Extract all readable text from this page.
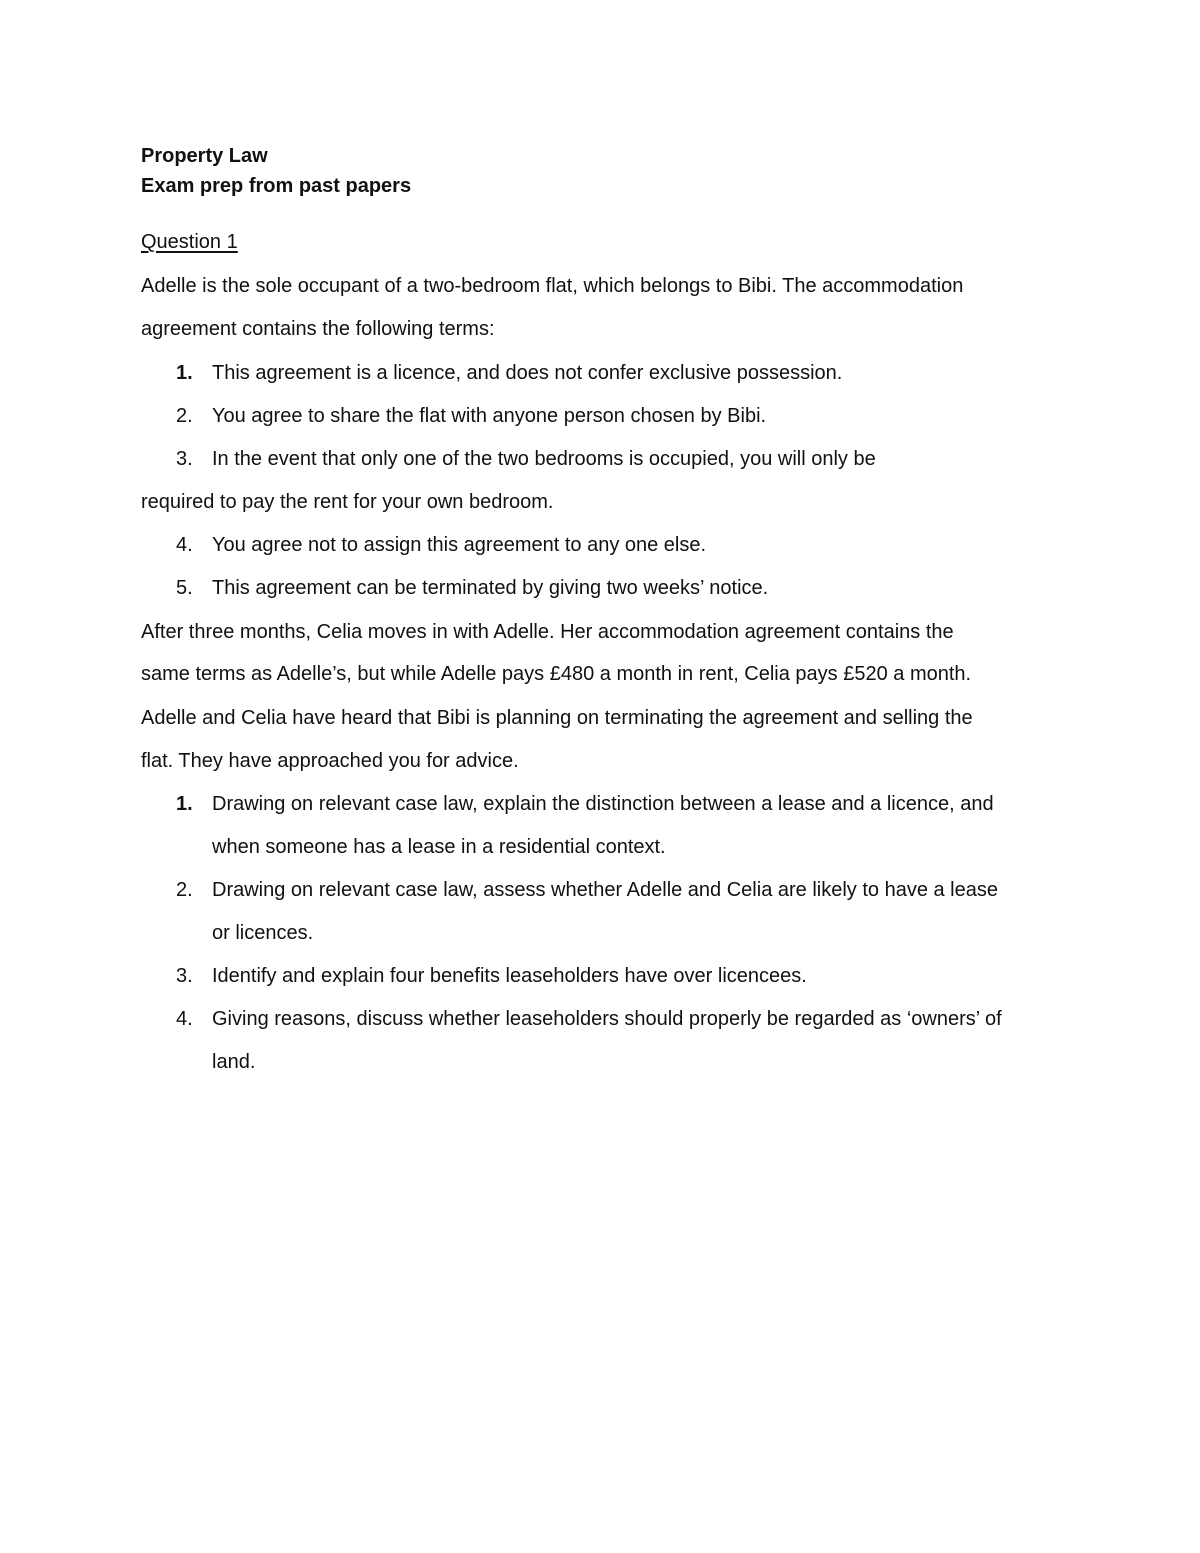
Property Law
Exam prep from past papers
Question 1
Adelle is the sole occupant of a two-bedroom flat, which belongs to Bibi. The accommodation
agreement contains the following terms:
1. This agreement is a licence, and does not confer exclusive possession.
2. You agree to share the flat with anyone person chosen by Bibi.
3. In the event that only one of the two bedrooms is occupied, you will only be
required to pay the rent for your own bedroom.
4. You agree not to assign this agreement to any one else.
5. This agreement can be terminated by giving two weeks’ notice.
After three months, Celia moves in with Adelle. Her accommodation agreement contains the
same terms as Adelle’s, but while Adelle pays £480 a month in rent, Celia pays £520 a month.
Adelle and Celia have heard that Bibi is planning on terminating the agreement and selling the
flat. They have approached you for advice.
1. Drawing on relevant case law, explain the distinction between a lease and a licence, and
when someone has a lease in a residential context.
2. Drawing on relevant case law, assess whether Adelle and Celia are likely to have a lease
or licences.
3. Identify and explain four benefits leaseholders have over licencees.
4. Giving reasons, discuss whether leaseholders should properly be regarded as ‘owners’ of
land.
